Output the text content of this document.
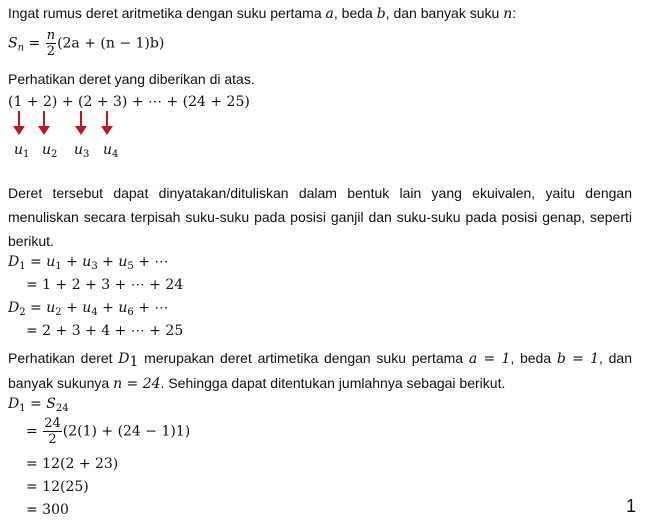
Ingat rumus deret aritmetika dengan suku pertama a, beda b, dan banyak suku n:
$S_n = \frac{n}{2} (2a + (n - 1)b)$
Perhatikan deret yang diberikan di atas.
(1 + 2) + (2 + 3) + ⋯ + (24 + 25)
$u_1$ $u_2$ $u_3$ $u_4$
Deret tersebut dapat dinyatakan/dituliskan dalam bentuk lain yang ekuivalen, yaitu dengan menuliskan secara terpisah suku-suku pada posisi ganjil dan suku-suku pada posisi genap, seperti berikut.
$D_1 = u_1 + u_3 + u_5$ + ⋯
= 1 + 2 + 3 + ⋯ + 24
$D_2 = u_2 + u_4 + u_6$ + ⋯
= 2 + 3 + 4 + ⋯ + 25
Perhatikan deret $D_1$ merupakan deret artimetika dengan suku pertama a = 1, beda b = 1, dan banyak sukunya n = 24. Sehingga dapat ditentukan jumlahnya sebagai berikut.
$D_1 = S_{24}$
= $\frac{24}{2} (2(1) + (24 - 1)1)$
= 12(2 + 23)
= 12(25)
= 300	1
